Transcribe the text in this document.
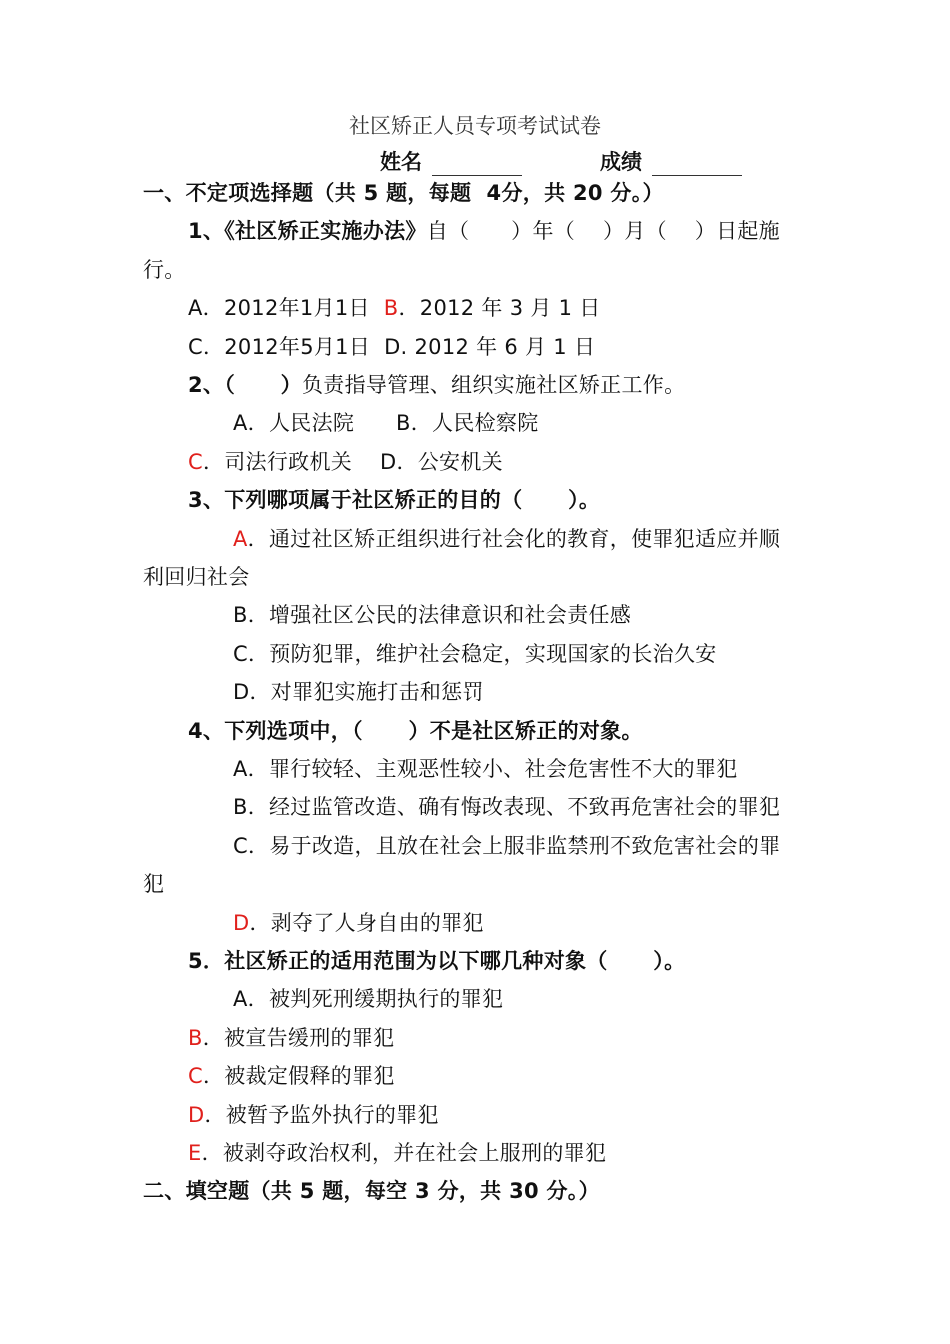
社区矫正人员专项考试试卷
姓名	成绩
一、不定项选择题（共 5 题，每题  4分，共 20 分。）
1、《社区矫正实施办法》自（      ）年（    ）月（    ）日起施
行。
A．2012年1月1日  B．2012 年 3 月 1 日
C．2012年5月1日  D. 2012 年 6 月 1 日
2、（      ）负责指导管理、组织实施社区矫正工作。
A．人民法院      B．人民检察院
C．司法行政机关    D．公安机关
3、下列哪项属于社区矫正的目的（      ）。
A．通过社区矫正组织进行社会化的教育，使罪犯适应并顺
利回归社会
B．增强社区公民的法律意识和社会责任感
C．预防犯罪，维护社会稳定，实现国家的长治久安
D．对罪犯实施打击和惩罚
4、下列选项中，（      ）不是社区矫正的对象。
A．罪行较轻、主观恶性较小、社会危害性不大的罪犯
B．经过监管改造、确有悔改表现、不致再危害社会的罪犯
C．易于改造，且放在社会上服非监禁刑不致危害社会的罪
犯
D．剥夺了人身自由的罪犯
5．社区矫正的适用范围为以下哪几种对象（      ）。
A．被判死刑缓期执行的罪犯
B．被宣告缓刑的罪犯
C．被裁定假释的罪犯
D．被暂予监外执行的罪犯
E．被剥夺政治权利，并在社会上服刑的罪犯
二、填空题（共 5 题，每空 3 分，共 30 分。）
